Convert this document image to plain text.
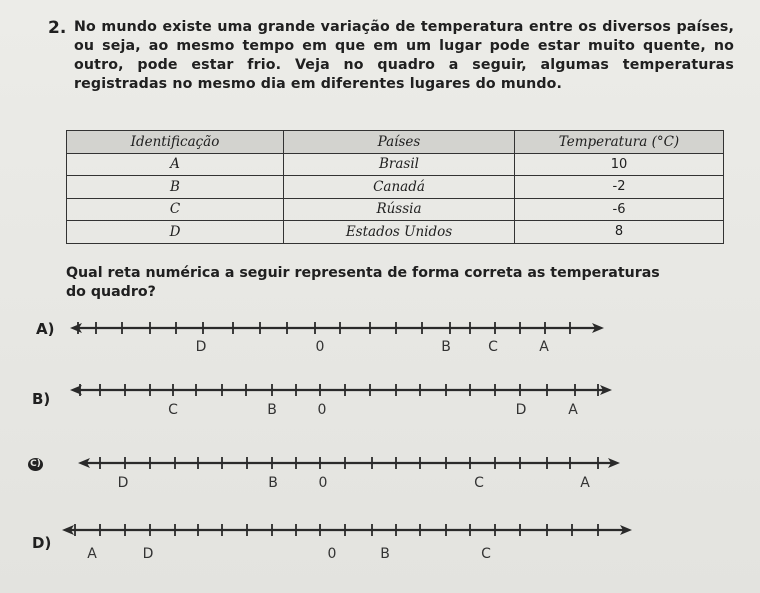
2. No mundo existe uma grande variação de temperatura entre os diversos países, ou seja, ao mesmo tempo em que em um lugar pode estar muito quente, no outro, pode estar frio. Veja no quadro a seguir, algumas temperaturas registradas no mesmo dia em diferentes lugares do mundo.
Identificação	Países	Temperatura (°C)
A	Brasil	10
B	Canadá	-2
C	Rússia	-6
D	Estados Unidos	8
Qual reta numérica a seguir representa de forma correta as temperaturas do quadro?
A)
D	0	B	C	A
B)
C	B	0	D	A
C)
D	B	0	C	A
D)
A	D	0	B	C
